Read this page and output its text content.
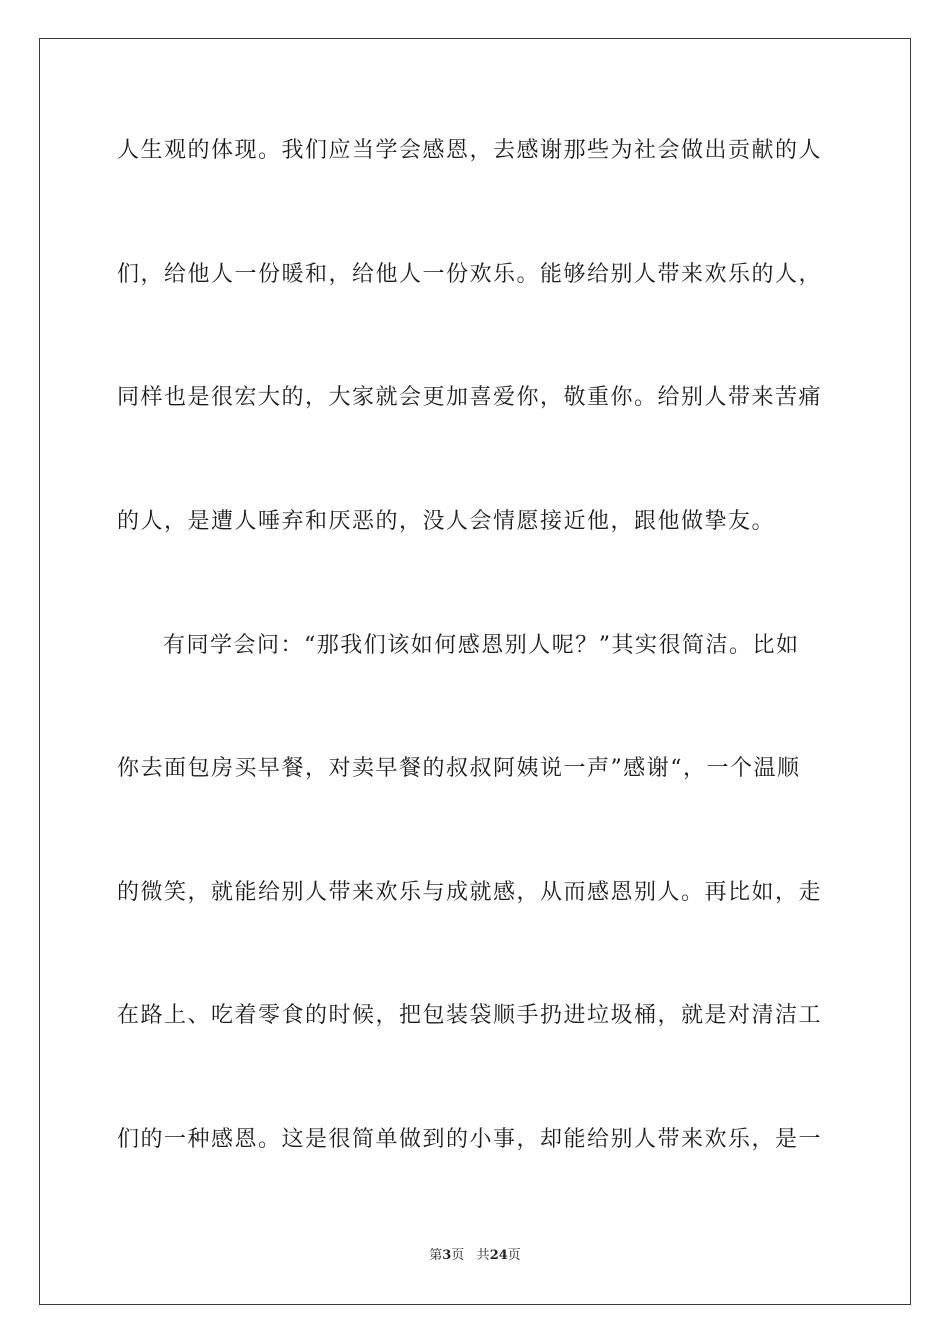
人生观的体现。我们应当学会感恩，去感谢那些为社会做出贡献的人
们，给他人一份暖和，给他人一份欢乐。能够给别人带来欢乐的人，
同样也是很宏大的，大家就会更加喜爱你，敬重你。给别人带来苦痛
的人，是遭人唾弃和厌恶的，没人会情愿接近他，跟他做挚友。
有同学会问：“那我们该如何感恩别人呢？”其实很简洁。比如
你去面包房买早餐，对卖早餐的叔叔阿姨说一声”感谢“，一个温顺
的微笑，就能给别人带来欢乐与成就感，从而感恩别人。再比如，走
在路上、吃着零食的时候，把包装袋顺手扔进垃圾桶，就是对清洁工
们的一种感恩。这是很简单做到的小事，却能给别人带来欢乐，是一
第3页 共24页
